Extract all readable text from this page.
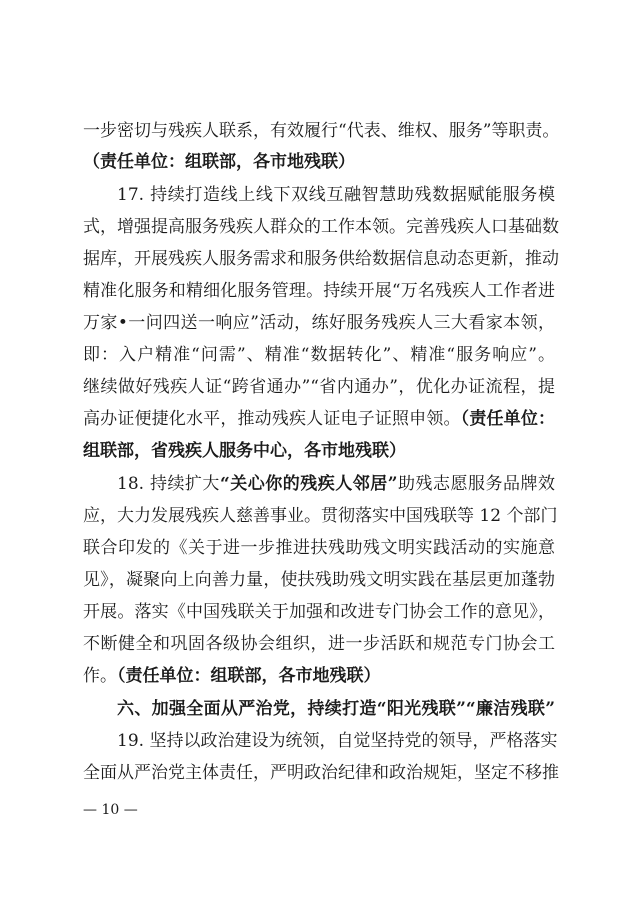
一步密切与残疾人联系，有效履行“代表、维权、服务”等职责。
（责任单位：组联部，各市地残联）
17. 持续打造线上线下双线互融智慧助残数据赋能服务模
式，增强提高服务残疾人群众的工作本领。完善残疾人口基础数
据库，开展残疾人服务需求和服务供给数据信息动态更新，推动
精准化服务和精细化服务管理。持续开展“万名残疾人工作者进
万家•一问四送一响应”活动，练好服务残疾人三大看家本领，
即：入户精准“问需”、精准“数据转化”、精准“服务响应”。
继续做好残疾人证“跨省通办”“省内通办”，优化办证流程，提
高办证便捷化水平，推动残疾人证电子证照申领。（责任单位：
组联部，省残疾人服务中心，各市地残联）
18. 持续扩大“关心你的残疾人邻居”助残志愿服务品牌效
应，大力发展残疾人慈善事业。贯彻落实中国残联等 12 个部门
联合印发的《关于进一步推进扶残助残文明实践活动的实施意
见》，凝聚向上向善力量，使扶残助残文明实践在基层更加蓬勃
开展。落实《中国残联关于加强和改进专门协会工作的意见》，
不断健全和巩固各级协会组织，进一步活跃和规范专门协会工
作。（责任单位：组联部，各市地残联）
六、加强全面从严治党，持续打造“阳光残联”“廉洁残联”
19. 坚持以政治建设为统领，自觉坚持党的领导，严格落实
全面从严治党主体责任，严明政治纪律和政治规矩，坚定不移推
— 10 —
